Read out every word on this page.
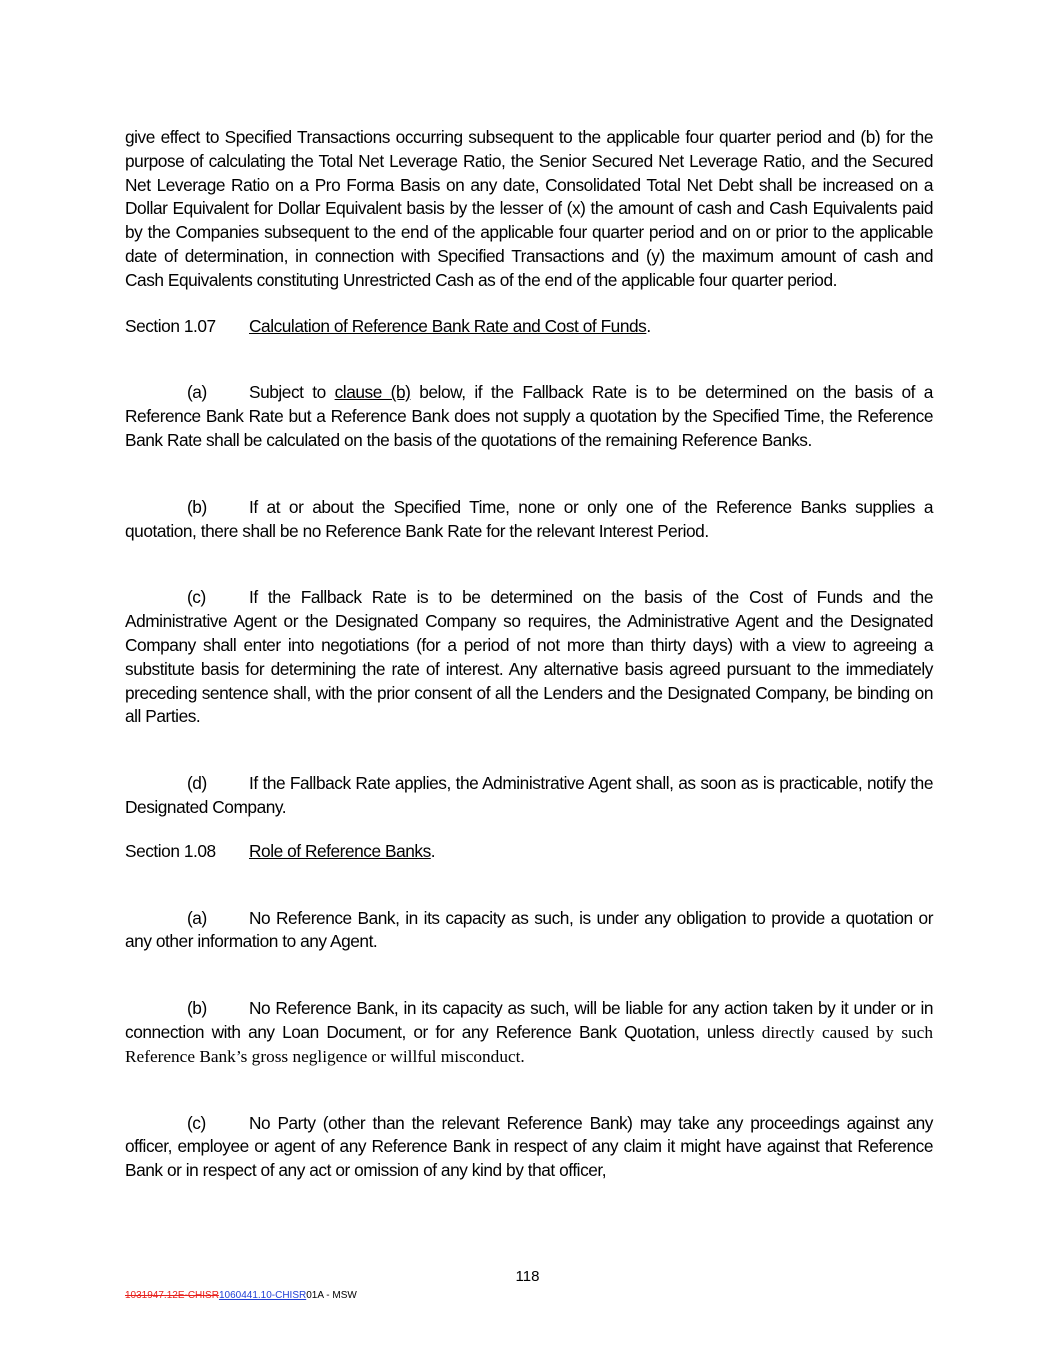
give effect to Specified Transactions occurring subsequent to the applicable four quarter period and (b) for the purpose of calculating the Total Net Leverage Ratio, the Senior Secured Net Leverage Ratio, and the Secured Net Leverage Ratio on a Pro Forma Basis on any date, Consolidated Total Net Debt shall be increased on a Dollar Equivalent for Dollar Equivalent basis by the lesser of (x) the amount of cash and Cash Equivalents paid by the Companies subsequent to the end of the applicable four quarter period and on or prior to the applicable date of determination, in connection with Specified Transactions and (y) the maximum amount of cash and Cash Equivalents constituting Unrestricted Cash as of the end of the applicable four quarter period.

Section 1.07 Calculation of Reference Bank Rate and Cost of Funds.

(a) Subject to clause (b) below, if the Fallback Rate is to be determined on the basis of a Reference Bank Rate but a Reference Bank does not supply a quotation by the Specified Time, the Reference Bank Rate shall be calculated on the basis of the quotations of the remaining Reference Banks.

(b) If at or about the Specified Time, none or only one of the Reference Banks supplies a quotation, there shall be no Reference Bank Rate for the relevant Interest Period.

(c) If the Fallback Rate is to be determined on the basis of the Cost of Funds and the Administrative Agent or the Designated Company so requires, the Administrative Agent and the Designated Company shall enter into negotiations (for a period of not more than thirty days) with a view to agreeing a substitute basis for determining the rate of interest. Any alternative basis agreed pursuant to the immediately preceding sentence shall, with the prior consent of all the Lenders and the Designated Company, be binding on all Parties.

(d) If the Fallback Rate applies, the Administrative Agent shall, as soon as is practicable, notify the Designated Company.

Section 1.08 Role of Reference Banks.

(a) No Reference Bank, in its capacity as such, is under any obligation to provide a quotation or any other information to any Agent.

(b) No Reference Bank, in its capacity as such, will be liable for any action taken by it under or in connection with any Loan Document, or for any Reference Bank Quotation, unless directly caused by such Reference Bank’s gross negligence or willful misconduct.

(c) No Party (other than the relevant Reference Bank) may take any proceedings against any officer, employee or agent of any Reference Bank in respect of any claim it might have against that Reference Bank or in respect of any act or omission of any kind by that officer,

118
1031947.12E-CHISR1060441.10-CHISR01A - MSW
